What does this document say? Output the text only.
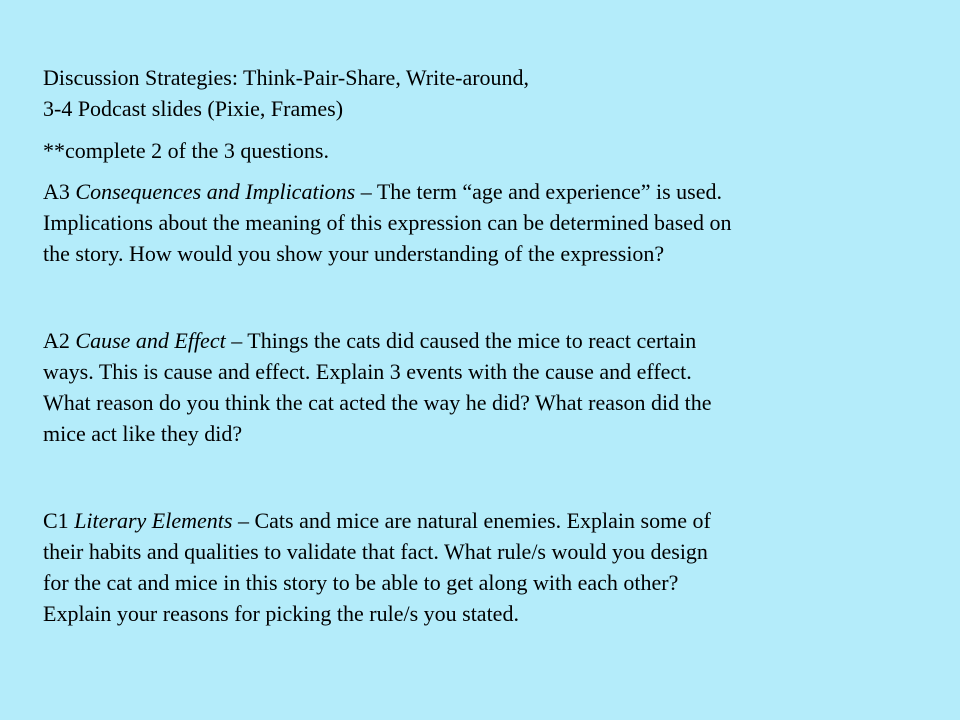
Discussion Strategies: Think-Pair-Share, Write-around,
3-4 Podcast slides (Pixie, Frames)
**complete 2 of the 3 questions.
A3 Consequences and Implications – The term “age and experience” is used.
Implications about the meaning of this expression can be determined based on
the story. How would you show your understanding of the expression?
A2 Cause and Effect – Things the cats did caused the mice to react certain
ways. This is cause and effect. Explain 3 events with the cause and effect.
What reason do you think the cat acted the way he did? What reason did the
mice act like they did?
C1 Literary Elements – Cats and mice are natural enemies. Explain some of
their habits and qualities to validate that fact. What rule/s would you design
for the cat and mice in this story to be able to get along with each other?
Explain your reasons for picking the rule/s you stated.
